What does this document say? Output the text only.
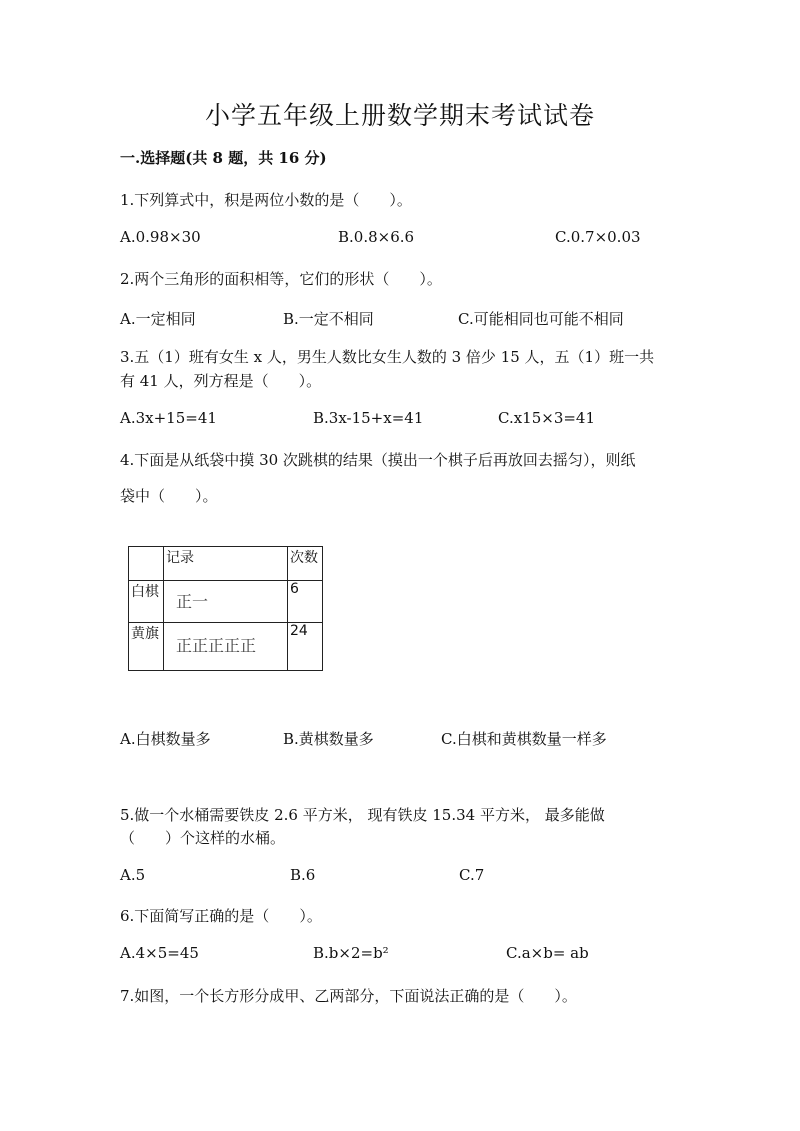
小学五年级上册数学期末考试试卷
一.选择题(共 8 题，共 16 分)
1.下列算式中，积是两位小数的是（　　）。
A.0.98×30	B.0.8×6.6	C.0.7×0.03
2.两个三角形的面积相等，它们的形状（　　）。
A.一定相同	B.一定不相同	C.可能相同也可能不相同
3.五（1）班有女生 x 人，男生人数比女生人数的 3 倍少 15 人，五（1）班一共
有 41 人，列方程是（　　）。
A.3x+15=41	B.3x-15+x=41	C.x15×3=41
4.下面是从纸袋中摸 30 次跳棋的结果（摸出一个棋子后再放回去摇匀），则纸
袋中（　　）。
	记录	次数
白棋	正一	6
黄旗	正正正正正	24
A.白棋数量多	B.黄棋数量多	C.白棋和黄棋数量一样多
5.做一个水桶需要铁皮 2.6 平方米， 现有铁皮 15.34 平方米， 最多能做
（　　）个这样的水桶。
A.5	B.6	C.7
6.下面简写正确的是（　　）。
A.4×5=45	B.b×2=b²	C.a×b= ab
7.如图，一个长方形分成甲、乙两部分，下面说法正确的是（　　）。
